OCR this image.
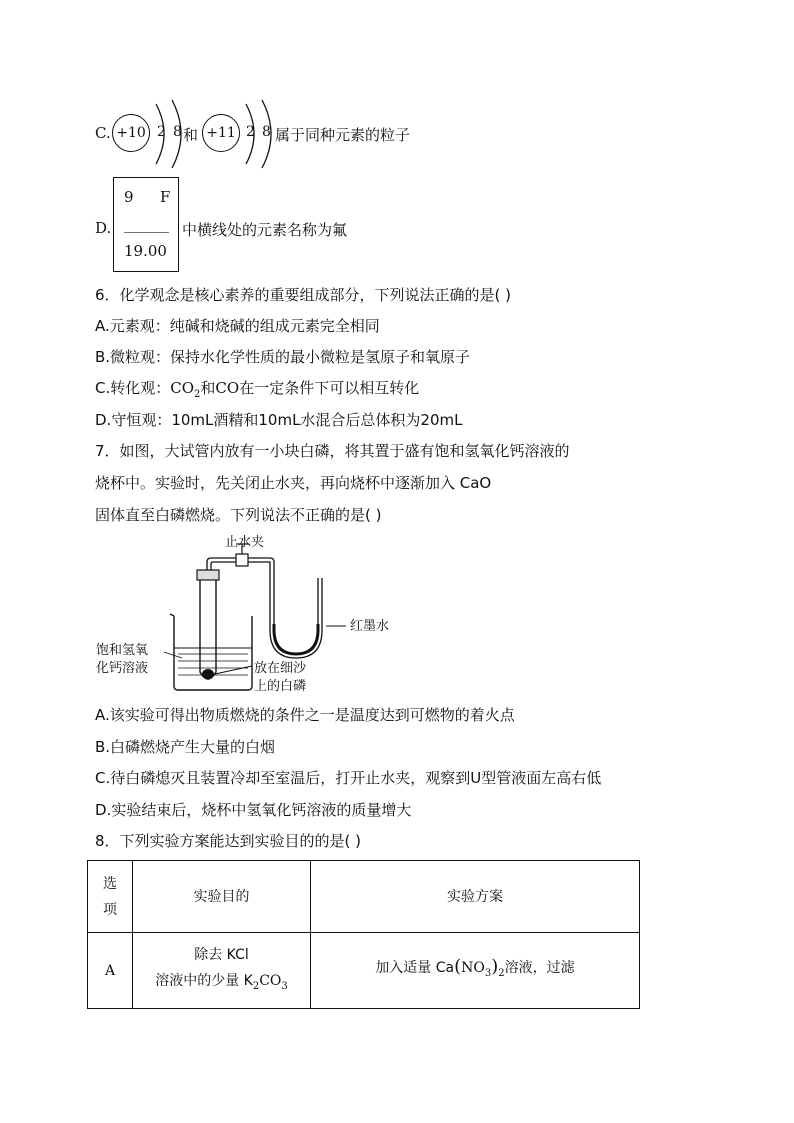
C. +10 2 8 和 +11 2 8 属于同种元素的粒子
D.
9 F
______
19.00
中横线处的元素名称为氟
6．化学观念是核心素养的重要组成部分，下列说法正确的是( )
A.元素观：纯碱和烧碱的组成元素完全相同
B.微粒观：保持水化学性质的最小微粒是氢原子和氧原子
C.转化观：$CO_2$和CO在一定条件下可以相互转化
D.守恒观：10mL酒精和10mL水混合后总体积为20mL
7．如图，大试管内放有一小块白磷，将其置于盛有饱和氢氧化钙溶液的
烧杯中。实验时，先关闭止水夹，再向烧杯中逐渐加入 CaO
固体直至白磷燃烧。下列说法不正确的是( )
止水夹
红墨水
饱和氢氧
化钙溶液	放在细沙
上的白磷
A.该实验可得出物质燃烧的条件之一是温度达到可燃物的着火点
B.白磷燃烧产生大量的白烟
C.待白磷熄灭且装置冷却至室温后，打开止水夹，观察到U型管液面左高右低
D.实验结束后，烧杯中氢氧化钙溶液的质量增大
8．下列实验方案能达到实验目的的是( )
选
项	实验目的	实验方案
A	除去 KCl
溶液中的少量 $K_2CO_3$	加入适量 $Ca(NO_3)_2$溶液，过滤
